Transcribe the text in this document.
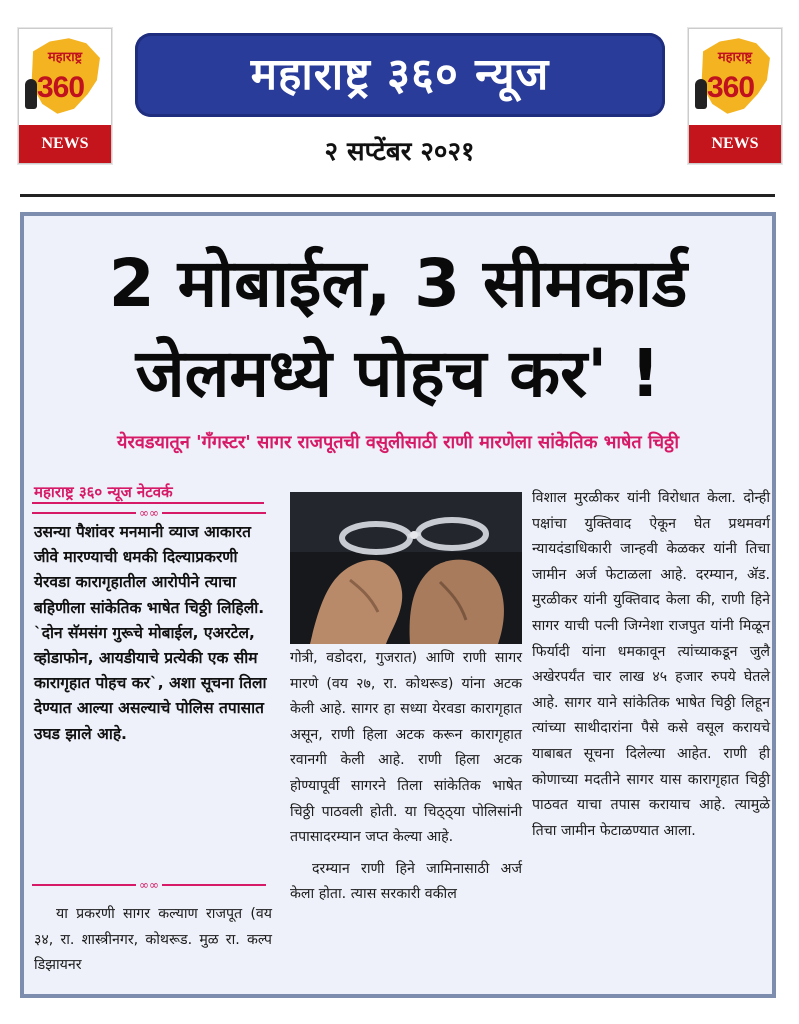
महाराष्ट्र
360
NEWS
महाराष्ट्र ३६० न्यूज	महाराष्ट्र
360
NEWS
२ सप्टेंबर २०२१
2 मोबाईल, 3 सीमकार्ड
जेलमध्ये पोहच कर' !
येरवडयातून 'गँगस्टर' सागर राजपूतची वसुलीसाठी राणी मारणेला सांकेतिक भाषेत चिठ्ठी
महाराष्ट्र ३६० न्यूज नेटवर्क
∞∞
उसन्या पैशांवर मनमानी व्याज आकारत जीवे मारण्याची धमकी दिल्याप्रकरणी येरवडा कारागृहातील आरोपीने त्याचा बहिणीला सांकेतिक भाषेत चिठ्ठी लिहिली. `दोन सॅमसंग गुरूचे मोबाईल, एअरटेल, व्होडाफोन, आयडीयाचे प्रत्येकी एक सीम कारागृहात पोहच कर`, अशा सूचना तिला देण्यात आल्या असल्याचे पोलिस तपासात उघड झाले आहे.
∞∞

या प्रकरणी सागर कल्याण राजपूत (वय ३४, रा. शास्त्रीनगर, कोथरूड. मुळ रा. कल्प डिझायनर

गोत्री, वडोदरा, गुजरात) आणि राणी सागर मारणे (वय २७, रा. कोथरूड) यांना अटक केली आहे. सागर हा सध्या येरवडा कारागृहात असून, राणी हिला अटक करून कारागृहात रवानगी केली आहे. राणी हिला अटक होण्यापूर्वी सागरने तिला सांकेतिक भाषेत चिठ्ठी पाठवली होती. या चिठ्ठ्या पोलिसांनी तपासादरम्यान जप्त केल्या आहे.

दरम्यान राणी हिने जामिनासाठी अर्ज केला होता. त्यास सरकारी वकील

विशाल मुरळीकर यांनी विरोधात केला. दोन्ही पक्षांचा युक्तिवाद ऐकून घेत प्रथमवर्ग न्यायदंडाधिकारी जान्हवी केळकर यांनी तिचा जामीन अर्ज फेटाळला आहे. दरम्यान, ॲड. मुरळीकर यांनी युक्तिवाद केला की, राणी हिने सागर याची पत्नी जिग्नेशा राजपुत यांनी मिळून फिर्यादी यांना धमकावून त्यांच्याकडून जुलै अखेरपर्यंत चार लाख ४५ हजार रुपये घेतले आहे. सागर याने सांकेतिक भाषेत चिठ्ठी लिहून त्यांच्या साथीदारांना पैसे कसे वसूल करायचे याबाबत सूचना दिलेल्या आहेत. राणी ही कोणाच्या मदतीने सागर यास कारागृहात चिठ्ठी पाठवत याचा तपास करायाच आहे. त्यामुळे तिचा जामीन फेटाळण्यात आला.
